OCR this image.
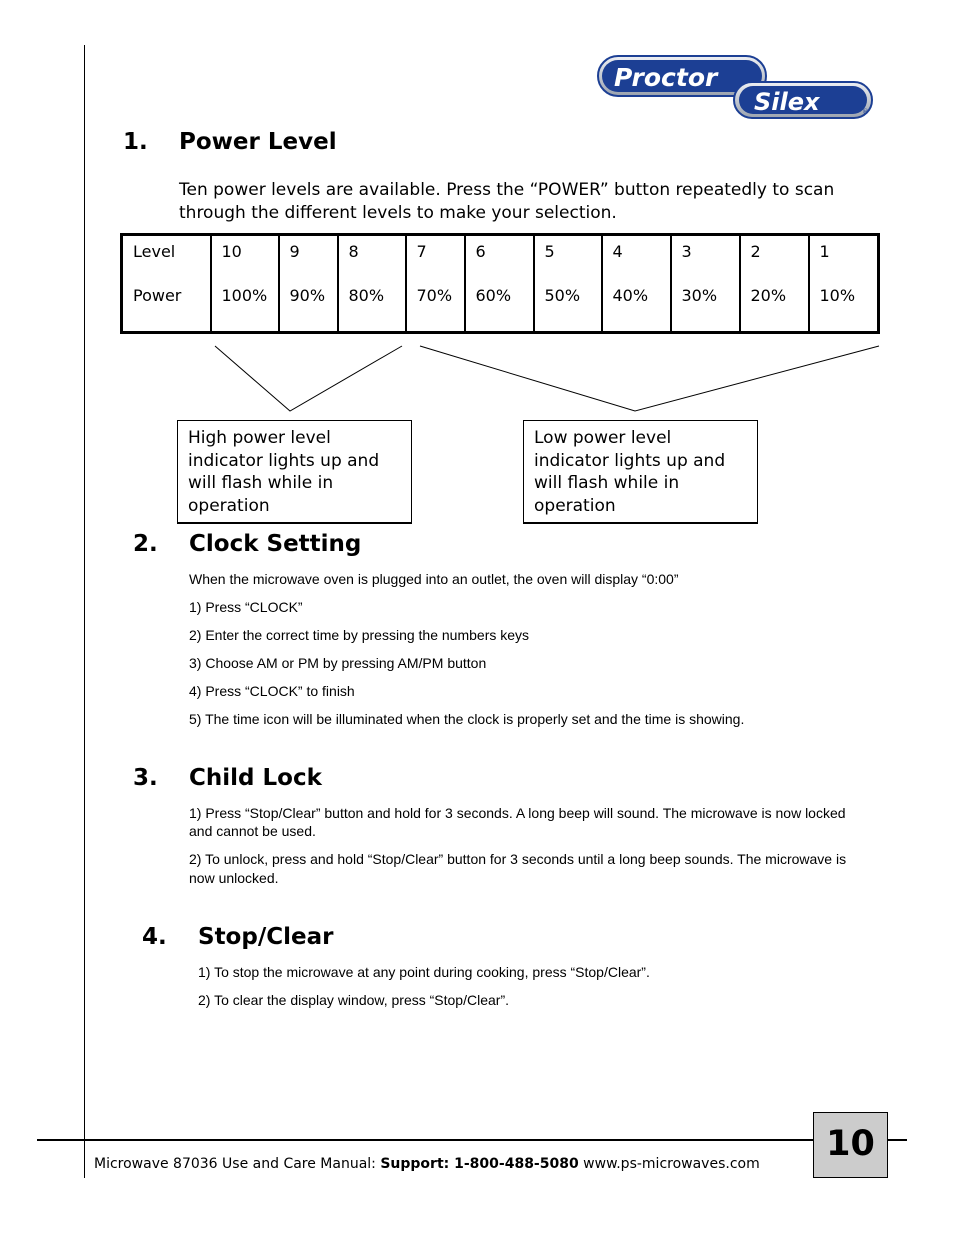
Proctor
Silex	®
1. Power Level
Ten power levels are available. Press the “POWER” button repeatedly to scan through the different levels to make your selection.
Level	10	9	8	7	6	5	4	3	2	1
Power	100%	90%	80%	70%	60%	50%	40%	30%	20%	10%
High power level indicator lights up and will flash while in operation
Low power level indicator lights up and will flash while in operation
2. Clock Setting
When the microwave oven is plugged into an outlet, the oven will display “0:00”
1) Press “CLOCK”
2) Enter the correct time by pressing the numbers keys
3) Choose AM or PM by pressing AM/PM button
4) Press “CLOCK” to finish
5) The time icon will be illuminated when the clock is properly set and the time is showing.
3. Child Lock
1) Press “Stop/Clear” button and hold for 3 seconds. A long beep will sound. The microwave is now locked and cannot be used.
2) To unlock, press and hold “Stop/Clear” button for 3 seconds until a long beep sounds. The microwave is now unlocked.
4. Stop/Clear
1) To stop the microwave at any point during cooking, press “Stop/Clear”.
2) To clear the display window, press “Stop/Clear”.
10
Microwave 87036 Use and Care Manual: Support: 1-800-488-5080 www.ps-microwaves.com
